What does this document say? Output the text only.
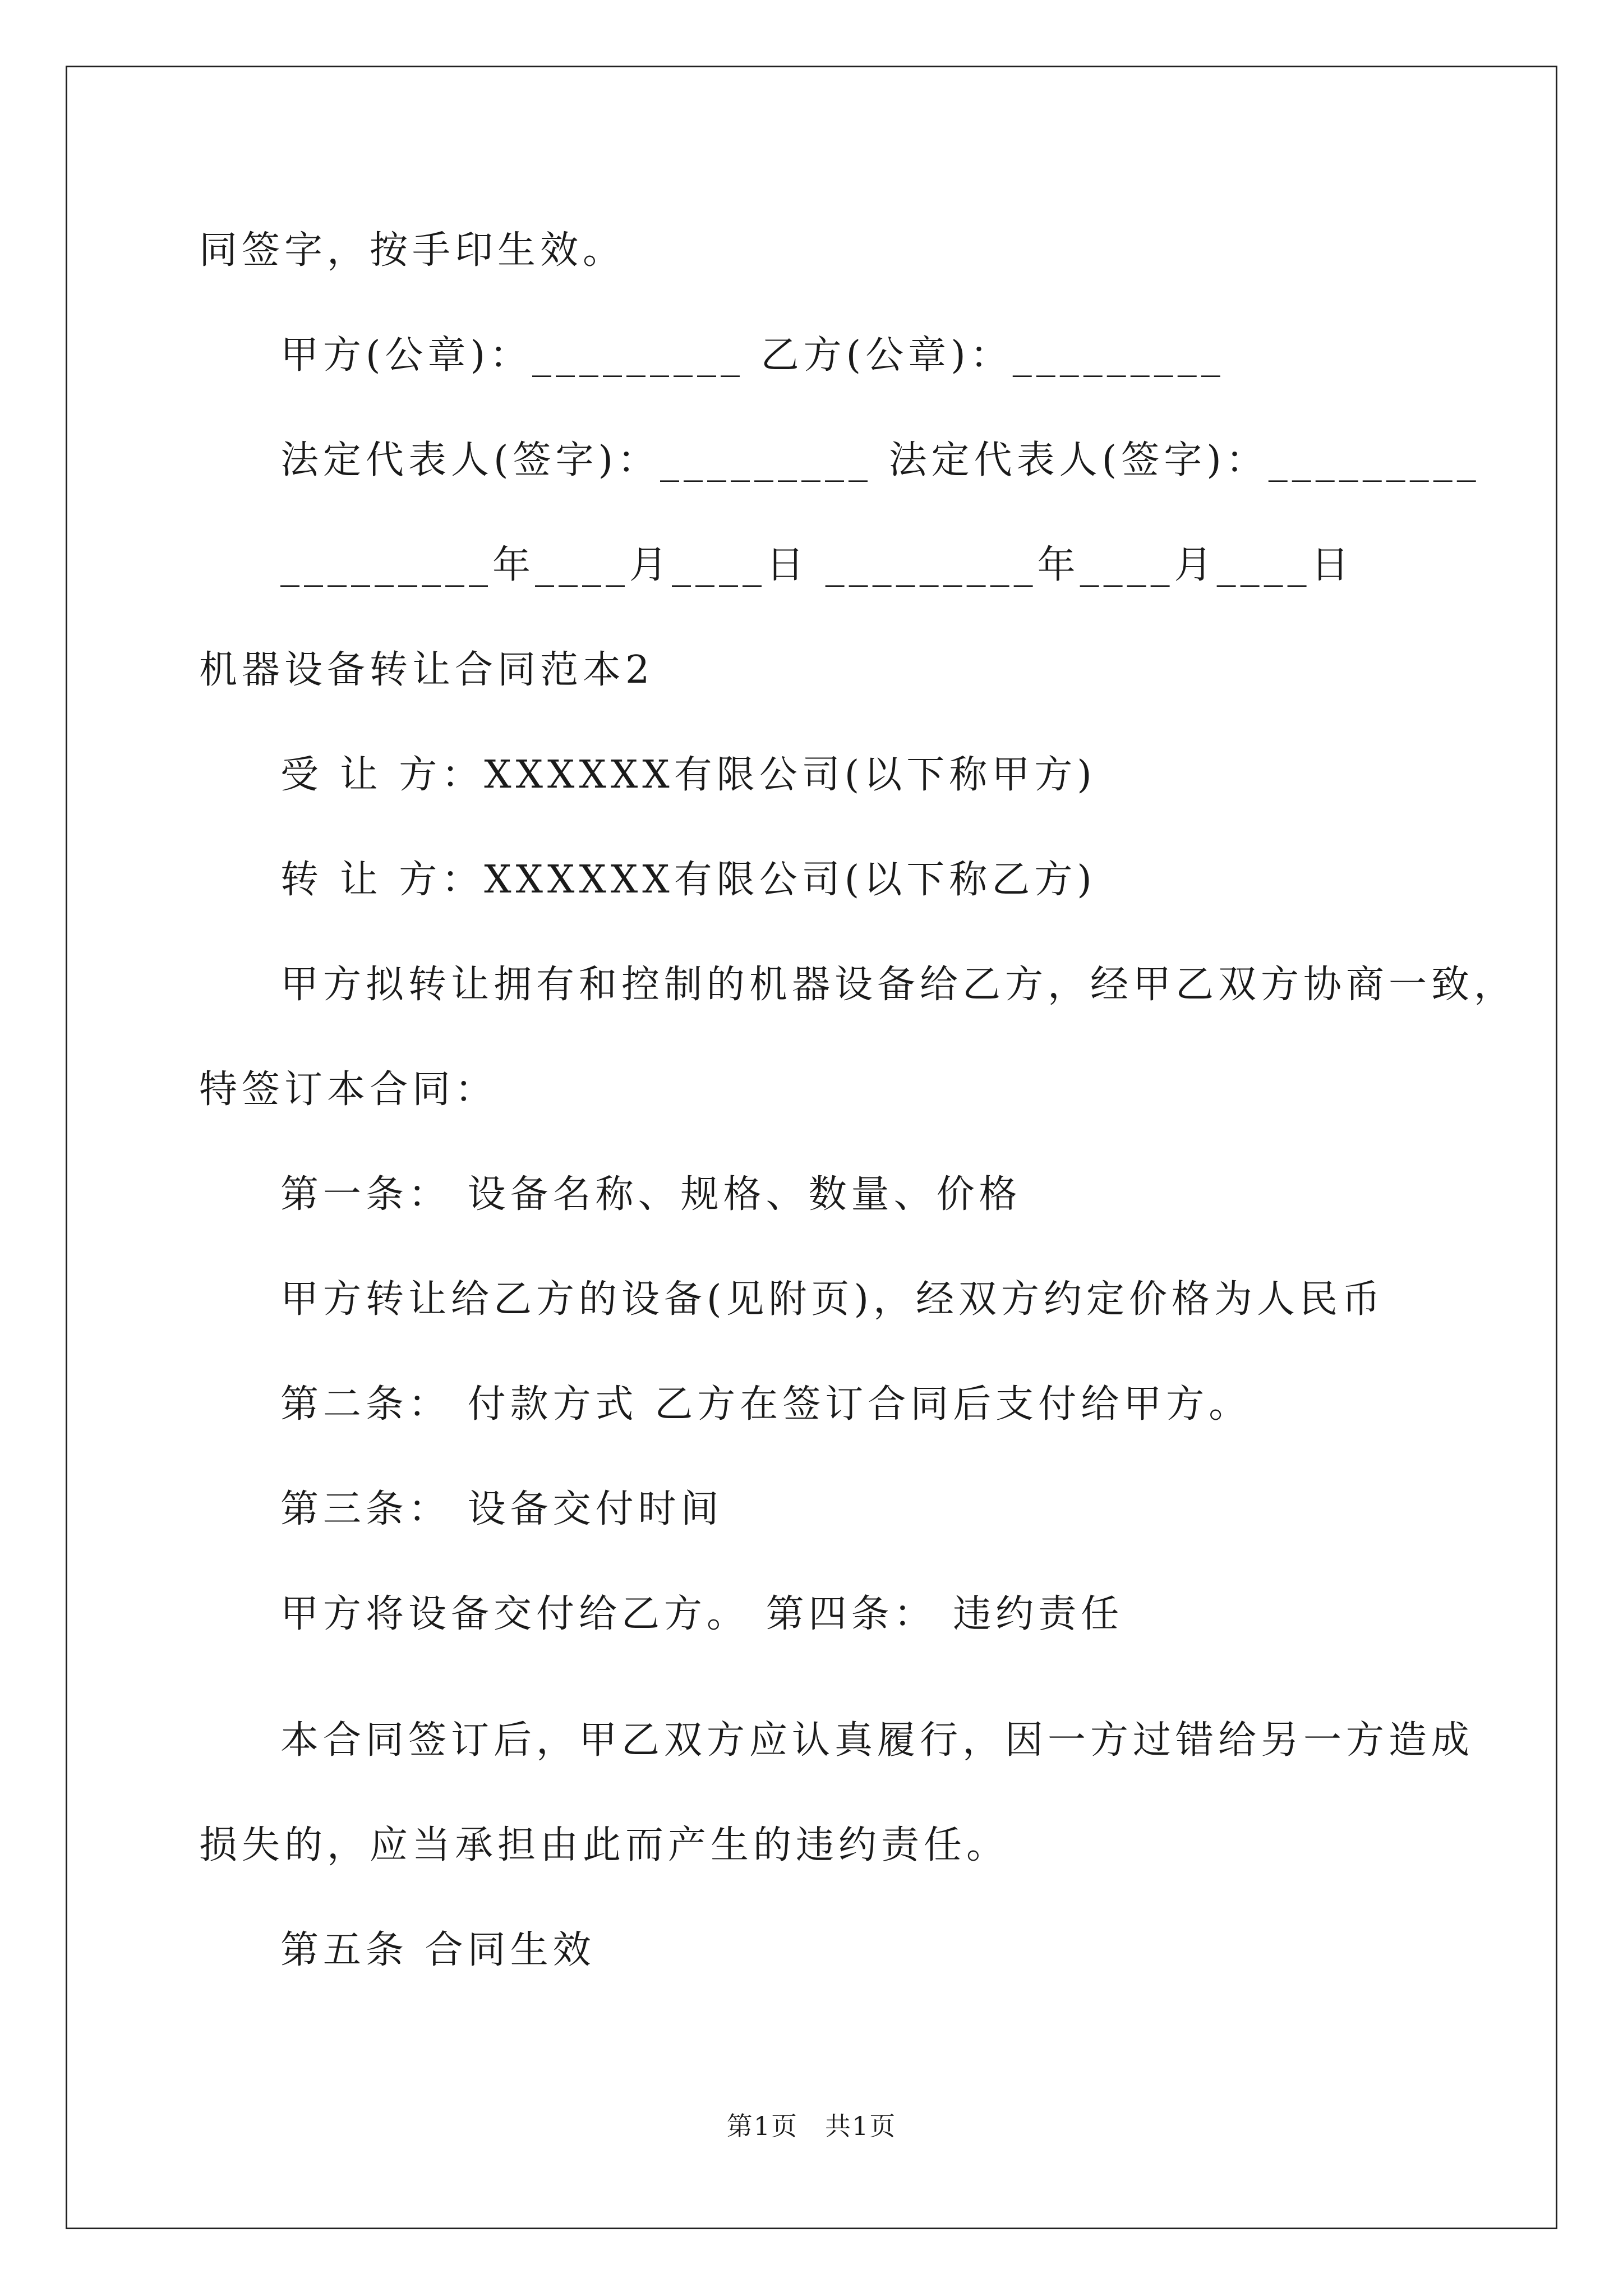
同签字，按手印生效。
甲方(公章)：_________ 乙方(公章)：_________
法定代表人(签字)：_________ 法定代表人(签字)：_________
_________年____月____日 _________年____月____日
机器设备转让合同范本2
受 让 方：XXXXXX有限公司(以下称甲方)
转 让 方：XXXXXX有限公司(以下称乙方)
甲方拟转让拥有和控制的机器设备给乙方，经甲乙双方协商一致，
特签订本合同：
第一条： 设备名称、规格、数量、价格
甲方转让给乙方的设备(见附页)，经双方约定价格为人民币
第二条： 付款方式 乙方在签订合同后支付给甲方。
第三条： 设备交付时间
甲方将设备交付给乙方。 第四条： 违约责任
本合同签订后，甲乙双方应认真履行，因一方过错给另一方造成
损失的，应当承担由此而产生的违约责任。
第五条 合同生效
第1页　共1页
